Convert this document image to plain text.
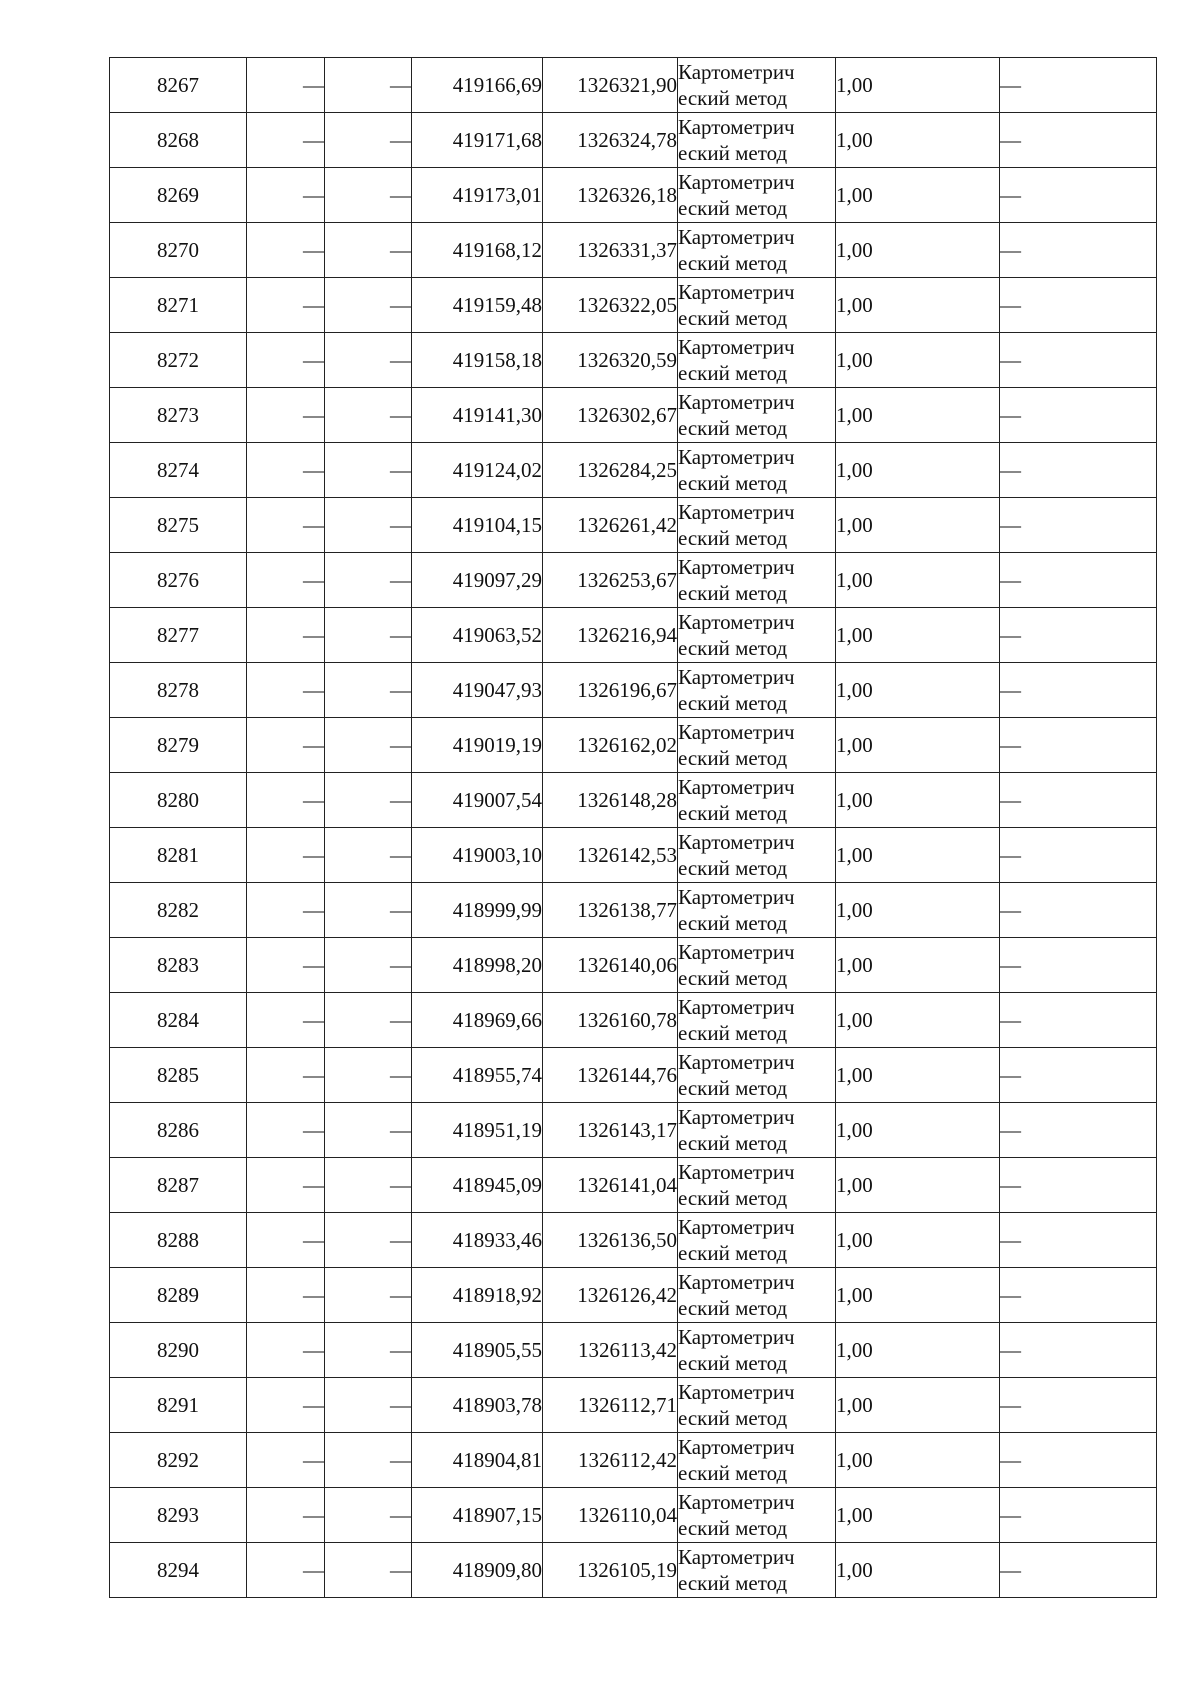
8267	—	—	419166,69	1326321,90	Картометрич
еский метод	1,00	—
8268	—	—	419171,68	1326324,78	Картометрич
еский метод	1,00	—
8269	—	—	419173,01	1326326,18	Картометрич
еский метод	1,00	—
8270	—	—	419168,12	1326331,37	Картометрич
еский метод	1,00	—
8271	—	—	419159,48	1326322,05	Картометрич
еский метод	1,00	—
8272	—	—	419158,18	1326320,59	Картометрич
еский метод	1,00	—
8273	—	—	419141,30	1326302,67	Картометрич
еский метод	1,00	—
8274	—	—	419124,02	1326284,25	Картометрич
еский метод	1,00	—
8275	—	—	419104,15	1326261,42	Картометрич
еский метод	1,00	—
8276	—	—	419097,29	1326253,67	Картометрич
еский метод	1,00	—
8277	—	—	419063,52	1326216,94	Картометрич
еский метод	1,00	—
8278	—	—	419047,93	1326196,67	Картометрич
еский метод	1,00	—
8279	—	—	419019,19	1326162,02	Картометрич
еский метод	1,00	—
8280	—	—	419007,54	1326148,28	Картометрич
еский метод	1,00	—
8281	—	—	419003,10	1326142,53	Картометрич
еский метод	1,00	—
8282	—	—	418999,99	1326138,77	Картометрич
еский метод	1,00	—
8283	—	—	418998,20	1326140,06	Картометрич
еский метод	1,00	—
8284	—	—	418969,66	1326160,78	Картометрич
еский метод	1,00	—
8285	—	—	418955,74	1326144,76	Картометрич
еский метод	1,00	—
8286	—	—	418951,19	1326143,17	Картометрич
еский метод	1,00	—
8287	—	—	418945,09	1326141,04	Картометрич
еский метод	1,00	—
8288	—	—	418933,46	1326136,50	Картометрич
еский метод	1,00	—
8289	—	—	418918,92	1326126,42	Картометрич
еский метод	1,00	—
8290	—	—	418905,55	1326113,42	Картометрич
еский метод	1,00	—
8291	—	—	418903,78	1326112,71	Картометрич
еский метод	1,00	—
8292	—	—	418904,81	1326112,42	Картометрич
еский метод	1,00	—
8293	—	—	418907,15	1326110,04	Картометрич
еский метод	1,00	—
8294	—	—	418909,80	1326105,19	Картометрич
еский метод	1,00	—
